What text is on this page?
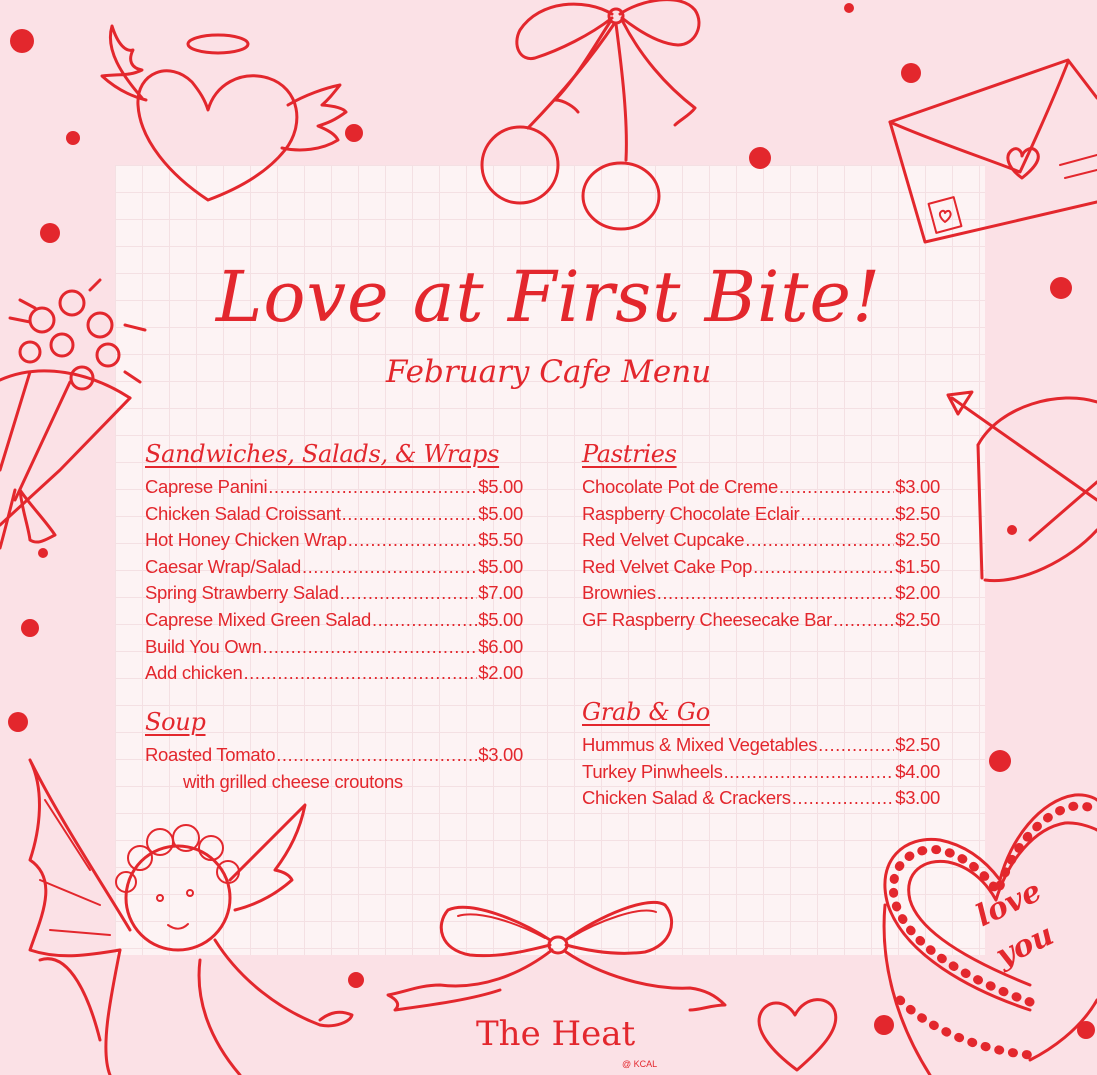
love
you
Love at First Bite!
February Cafe Menu
Sandwiches, Salads, & Wraps
Caprese Panini .....	$5.00
Chicken Salad Croissant .....	$5.00
Hot Honey Chicken Wrap .....	$5.50
Caesar Wrap/Salad .....	$5.00
Spring Strawberry Salad .....	$7.00
Caprese Mixed Green Salad .....	$5.00
Build You Own .....	$6.00
Add chicken .....	$2.00
Soup
Roasted Tomato .....	$3.00
with grilled cheese croutons
Pastries
Chocolate Pot de Creme .....	$3.00
Raspberry Chocolate Eclair .....	$2.50
Red Velvet Cupcake .....	$2.50
Red Velvet Cake Pop .....	$1.50
Brownies .....	$2.00
GF Raspberry Cheesecake Bar .....	$2.50
Grab & Go
Hummus & Mixed Vegetables .....	$2.50
Turkey Pinwheels .....	$4.00
Chicken Salad & Crackers .....	$3.00
The Heat
@ KCAL
